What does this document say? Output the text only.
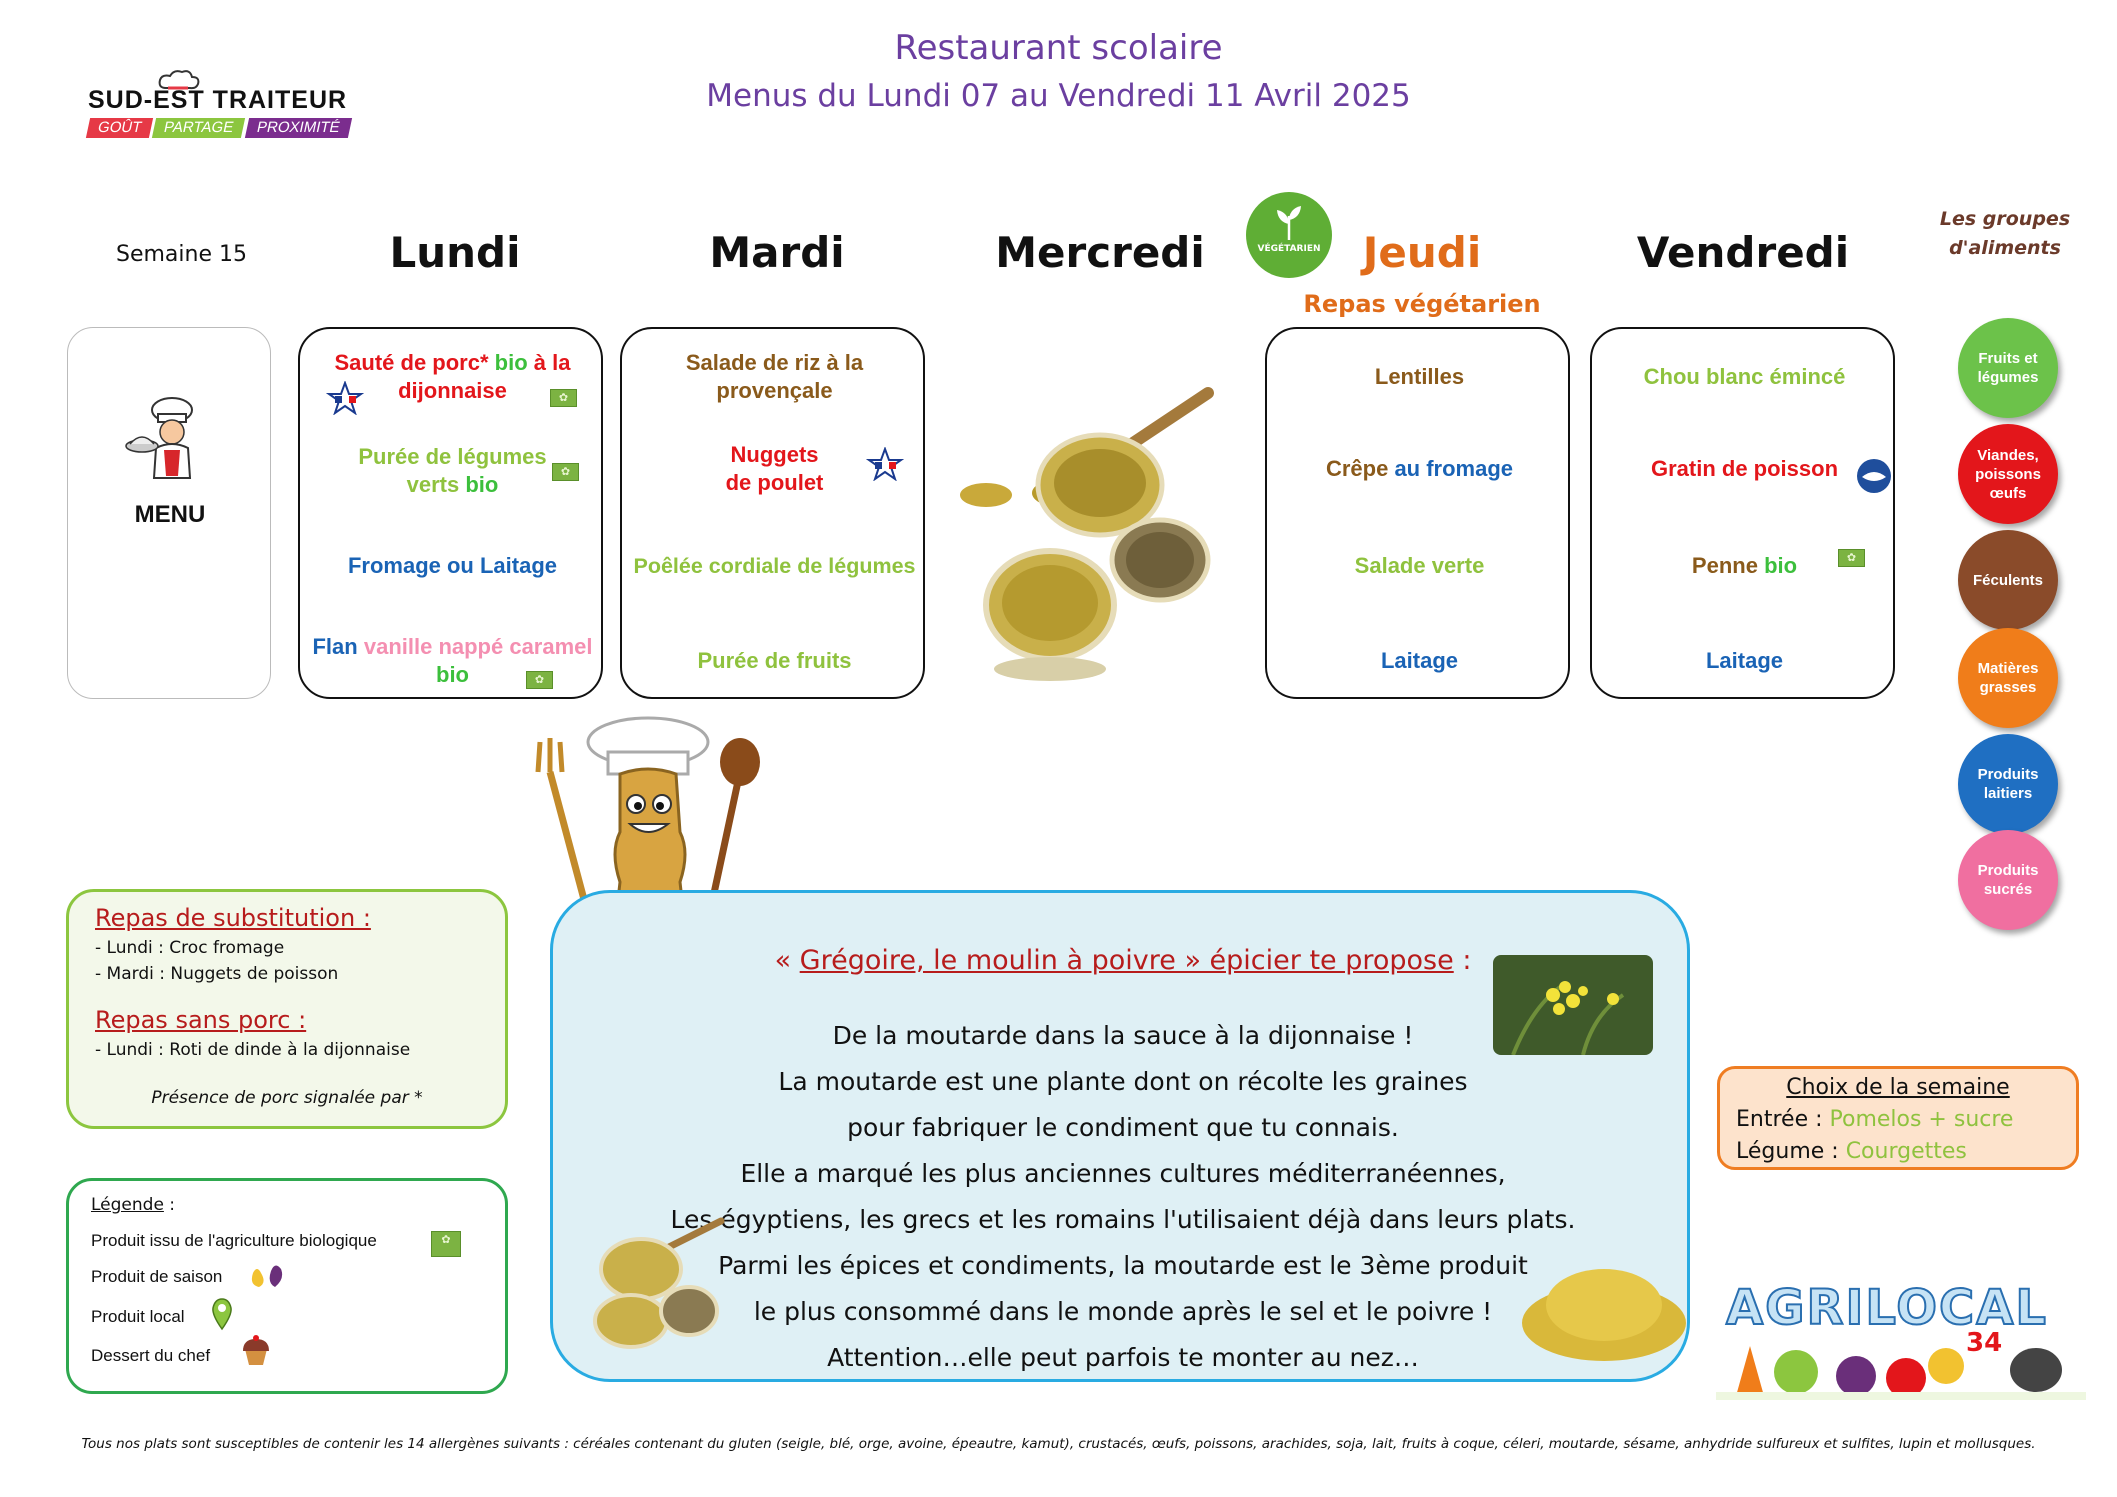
SUD-EST TRAITEUR
GOÛT	PARTAGE	PROXIMITÉ
Restaurant scolaire
Menus du Lundi 07 au Vendredi 11 Avril 2025
Semaine 15	Lundi	Mardi	Mercredi	Jeudi	Vendredi
VÉGÉTARIEN
Repas végétarien
MENU
Sauté de porc* bio à la
dijonnaise
✿
Purée de légumes
verts bio
✿
Fromage ou Laitage
Flan vanille nappé caramel
bio
✿
Salade de riz à la
provençale
Nuggets
de poulet
Poêlée cordiale de légumes
Purée de fruits
Lentilles
Crêpe au fromage
Salade verte
Laitage
Chou blanc émincé
Gratin de poisson
Penne bio
✿
Laitage
Les groupes
d'aliments
Fruits et
légumes
Viandes,
poissons
œufs
Féculents
Matières
grasses
Produits
laitiers
Produits
sucrés
Repas de substitution :
- Lundi : Croc fromage
- Mardi : Nuggets de poisson
Repas sans porc :
- Lundi : Roti de dinde à la dijonnaise
Présence de porc signalée par *
Légende :
Produit issu de l'agriculture biologique
✿
Produit de saison
Produit local
Dessert du chef
« Grégoire, le moulin à poivre » épicier te propose :
De la moutarde dans la sauce à la dijonnaise !
La moutarde est une plante dont on récolte les graines
pour fabriquer le condiment que tu connais.
Elle a marqué les plus anciennes cultures méditerranéennes,
Les égyptiens, les grecs et les romains l'utilisaient déjà dans leurs plats.
Parmi les épices et condiments, la moutarde est le 3ème produit
le plus consommé dans le monde après le sel et le poivre !
Attention…elle peut parfois te monter au nez…
Choix de la semaine
Entrée : Pomelos + sucre
Légume : Courgettes
AGRILOCAL
34
Tous nos plats sont susceptibles de contenir les 14 allergènes suivants : céréales contenant du gluten (seigle, blé, orge, avoine, épeautre, kamut), crustacés, œufs, poissons, arachides, soja, lait, fruits à coque, céleri, moutarde, sésame, anhydride sulfureux et sulfites, lupin et mollusques.
